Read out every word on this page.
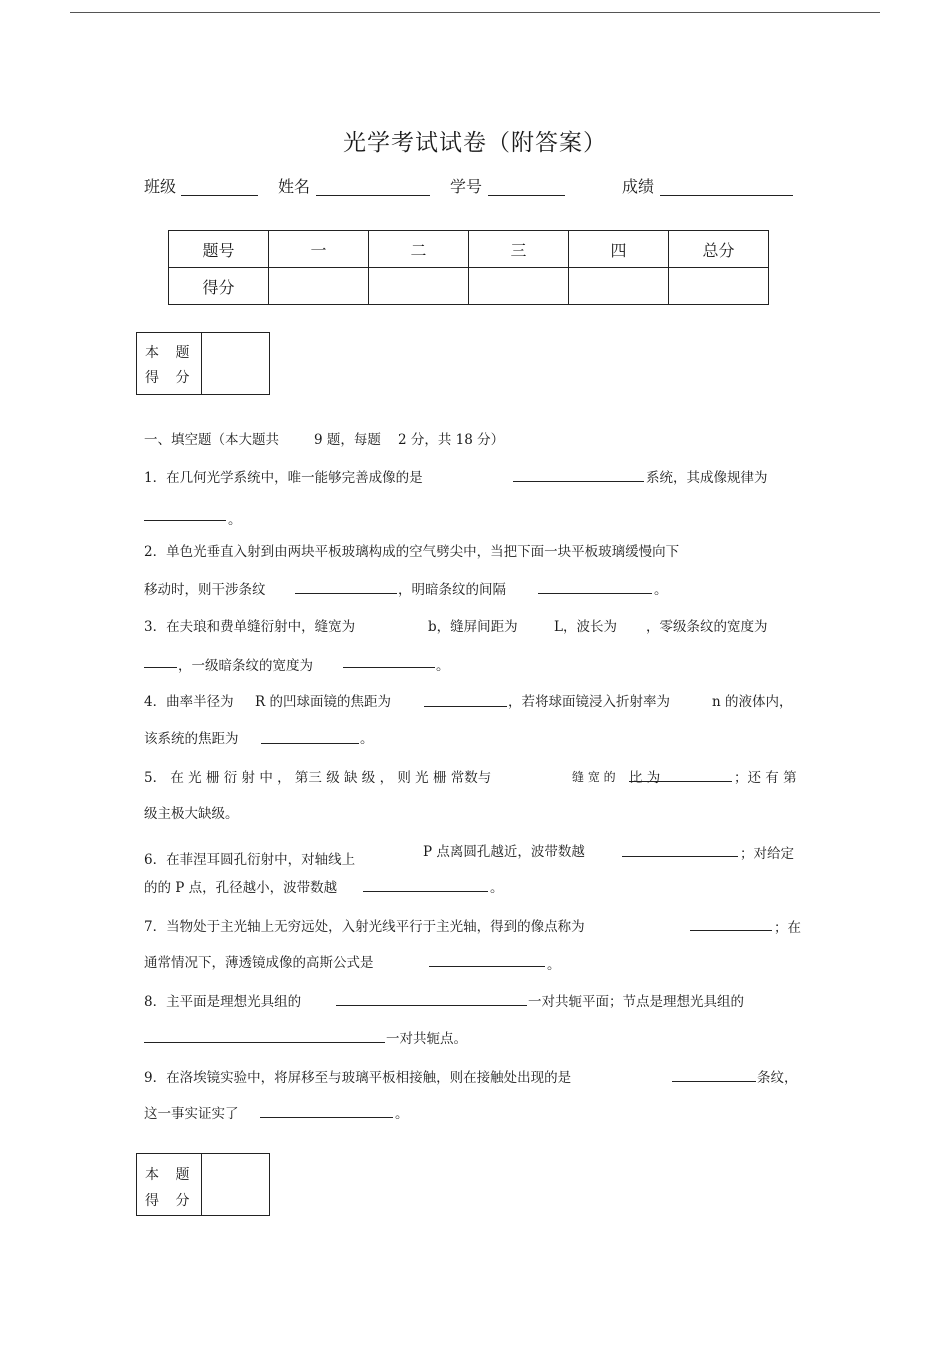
光学考试试卷（附答案）
班级	姓名	学号	成绩
题号	一	二	三	四	总分
得分					
本 题
得 分
一、填空题（本大题共	9 题，每题 2 分，共 18 分）
1．在几何光学系统中，唯一能够完善成像的是	系统，其成像规律为
。
2．单色光垂直入射到由两块平板玻璃构成的空气劈尖中，当把下面一块平板玻璃缓慢向下
移动时，则干涉条纹	，明暗条纹的间隔	。
3．在夫琅和费单缝衍射中，缝宽为	b，缝屏间距为	L，波长为 ，零级条纹的宽度为
，一级暗条纹的宽度为	。
4．曲率半径为 R 的凹球面镜的焦距为	，若将球面镜浸入折射率为	n 的液体内，
该系统的焦距为	。
5． 在 光 栅 衍 射 中 ， 第三 级 缺 级 ， 则 光 栅 常数与	缝 宽 的 比 为	；还 有 第
级主极大缺级。
P 点离圆孔越近，波带数越	；对给定
6．在菲涅耳圆孔衍射中，对轴线上
的的 P 点，孔径越小，波带数越	。
7．当物处于主光轴上无穷远处，入射光线平行于主光轴，得到的像点称为	；在
通常情况下，薄透镜成像的高斯公式是	。
8．主平面是理想光具组的	一对共轭平面；节点是理想光具组的
一对共轭点。
9．在洛埃镜实验中，将屏移至与玻璃平板相接触，则在接触处出现的是	条纹，
这一事实证实了	。
本 题
得 分
